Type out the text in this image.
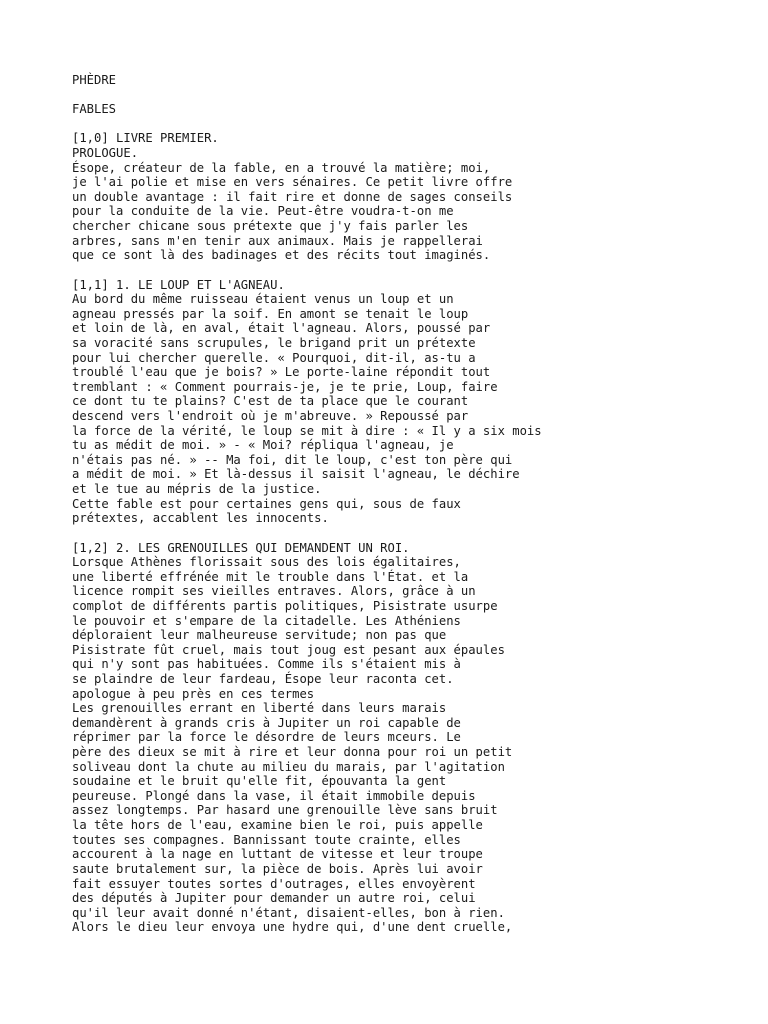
PHÈDRE
FABLES
[1,0] LIVRE PREMIER.
PROLOGUE.
Ésope, créateur de la fable, en a trouvé la matière; moi,
je l'ai polie et mise en vers sénaires. Ce petit livre offre
un double avantage : il fait rire et donne de sages conseils
pour la conduite de la vie. Peut-être voudra-t-on me
chercher chicane sous prétexte que j'y fais parler les
arbres, sans m'en tenir aux animaux. Mais je rappellerai
que ce sont là des badinages et des récits tout imaginés.
[1,1] 1. LE LOUP ET L'AGNEAU.
Au bord du même ruisseau étaient venus un loup et un
agneau pressés par la soif. En amont se tenait le loup
et loin de là, en aval, était l'agneau. Alors, poussé par
sa voracité sans scrupules, le brigand prit un prétexte
pour lui chercher querelle. « Pourquoi, dit-il, as-tu a
troublé l'eau que je bois? » Le porte-laine répondit tout
tremblant : « Comment pourrais-je, je te prie, Loup, faire
ce dont tu te plains? C'est de ta place que le courant
descend vers l'endroit où je m'abreuve. » Repoussé par
la force de la vérité, le loup se mit à dire : « Il y a six mois
tu as médit de moi. » - « Moi? répliqua l'agneau, je
n'étais pas né. » -- Ma foi, dit le loup, c'est ton père qui
a médit de moi. » Et là-dessus il saisit l'agneau, le déchire
et le tue au mépris de la justice.
Cette fable est pour certaines gens qui, sous de faux
prétextes, accablent les innocents.
[1,2] 2. LES GRENOUILLES QUI DEMANDENT UN ROI.
Lorsque Athènes florissait sous des lois égalitaires,
une liberté effrénée mit le trouble dans l'État. et la
licence rompit ses vieilles entraves. Alors, grâce à un
complot de différents partis politiques, Pisistrate usurpe
le pouvoir et s'empare de la citadelle. Les Athéniens
déploraient leur malheureuse servitude; non pas que
Pisistrate fût cruel, mais tout joug est pesant aux épaules
qui n'y sont pas habituées. Comme ils s'étaient mis à
se plaindre de leur fardeau, Ésope leur raconta cet.
apologue à peu près en ces termes
Les grenouilles errant en liberté dans leurs marais
demandèrent à grands cris à Jupiter un roi capable de
réprimer par la force le désordre de leurs mceurs. Le
père des dieux se mit à rire et leur donna pour roi un petit
soliveau dont la chute au milieu du marais, par l'agitation
soudaine et le bruit qu'elle fit, épouvanta la gent
peureuse. Plongé dans la vase, il était immobile depuis
assez longtemps. Par hasard une grenouille lève sans bruit
la tête hors de l'eau, examine bien le roi, puis appelle
toutes ses compagnes. Bannissant toute crainte, elles
accourent à la nage en luttant de vitesse et leur troupe
saute brutalement sur, la pièce de bois. Après lui avoir
fait essuyer toutes sortes d'outrages, elles envoyèrent
des députés à Jupiter pour demander un autre roi, celui
qu'il leur avait donné n'étant, disaient-elles, bon à rien.
Alors le dieu leur envoya une hydre qui, d'une dent cruelle,
